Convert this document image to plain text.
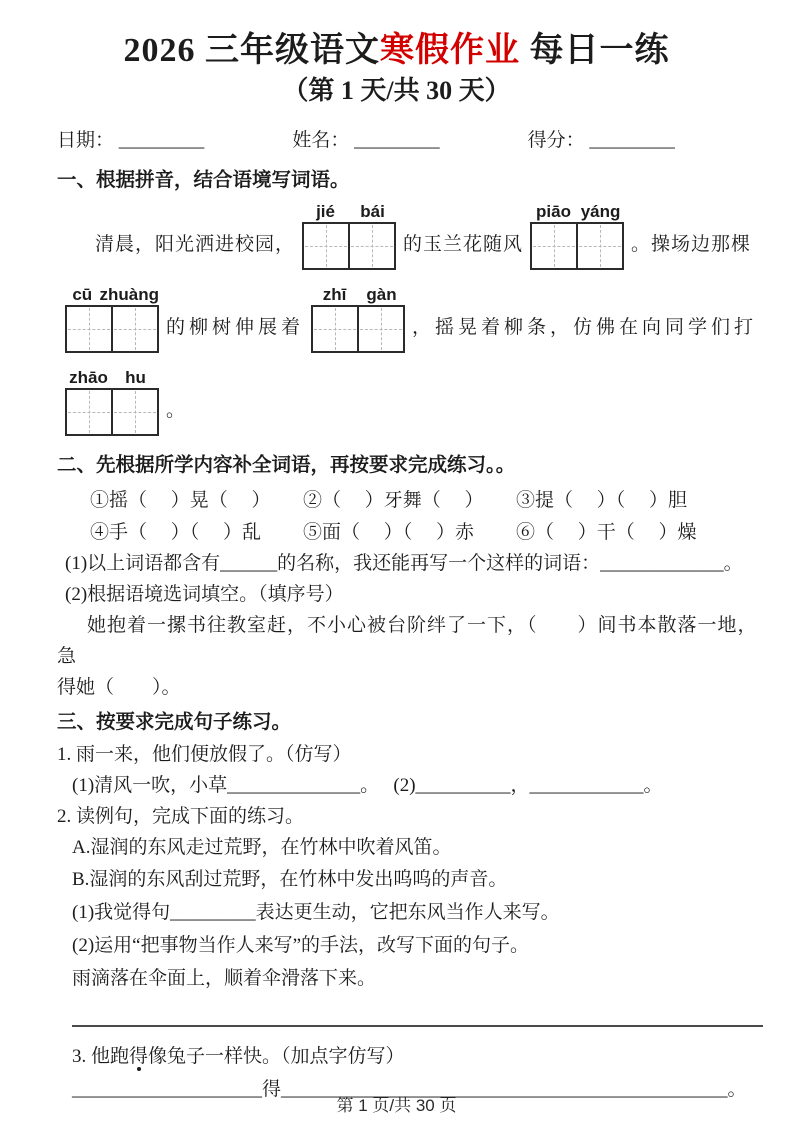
2026 三年级语文寒假作业 每日一练
（第 1 天/共 30 天）
日期： _________	姓名： _________	得分： _________
一、根据拼音，结合语境写词语。
清晨，阳光洒进校园，
jié	bái
的玉兰花随风
piāo yáng
。操场边那棵
cū zhuàng
的柳树伸展着
zhī	gàn
，摇晃着柳条，仿佛在向同学们打
zhāo	hu
。
二、先根据所学内容补全词语，再按要求完成练习。。
①摇（　 ）晃（　 ）	②（　 ）牙舞（　 ）	③提（　 ）（　 ）胆
④手（　 ）（　 ）乱	⑤面（　 ）（　 ）赤	⑥（　 ）干（　 ）燥

(1)以上词语都含有______的名称，我还能再写一个这样的词语：_____________。

(2)根据语境选词填空。（填序号）

她抱着一摞书往教室赶，不小心被台阶绊了一下，（　　）间书本散落一地，急

得她（　　）。

三、按要求完成句子练习。

1. 雨一来，他们便放假了。（仿写）

(1)清风一吹，小草______________。　 (2)__________，____________。

2. 读例句，完成下面的练习。

A.湿润的东风走过荒野，在竹林中吹着风笛。

B.湿润的东风刮过荒野，在竹林中发出呜呜的声音。

(1)我觉得句_________表达更生动，它把东风当作人来写。

(2)运用“把事物当作人来写”的手法，改写下面的句子。

雨滴落在伞面上，顺着伞滑落下来。

3. 他跑得像兔子一样快。（加点字仿写）

____________________得_______________________________________________。

第 1 页/共 30 页
